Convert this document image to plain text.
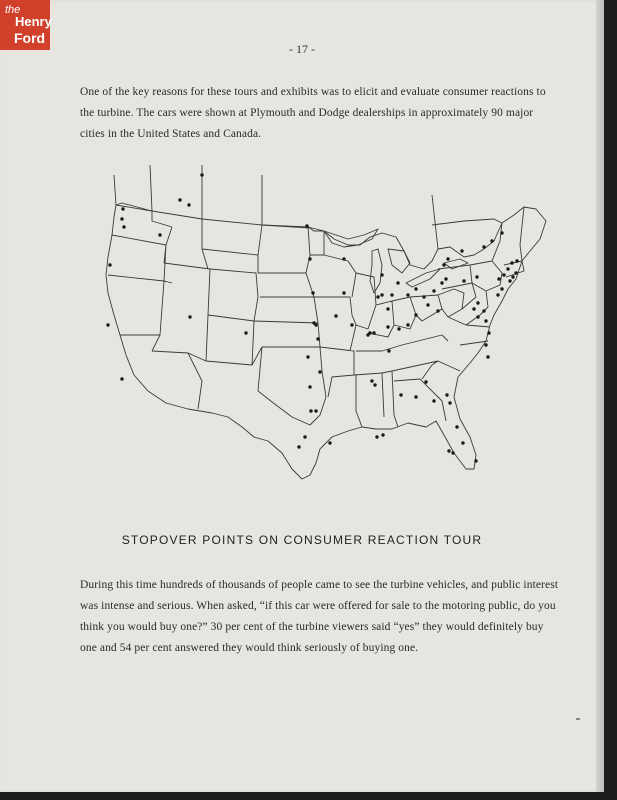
the
Henry
Ford
- 17 -

One of the key reasons for these tours and exhibits was to elicit and evaluate consumer reactions to the turbine. The cars were shown at Plymouth and Dodge dealerships in approximately 90 major cities in the United States and Canada.

STOPOVER POINTS ON CONSUMER REACTION TOUR

During this time hundreds of thousands of people came to see the turbine vehicles, and public interest was intense and serious. When asked, “if this car were offered for sale to the motoring public, do you think you would buy one?” 30 per cent of the turbine viewers said “yes” they would definitely buy one and 54 per cent answered they would think seriously of buying one.
